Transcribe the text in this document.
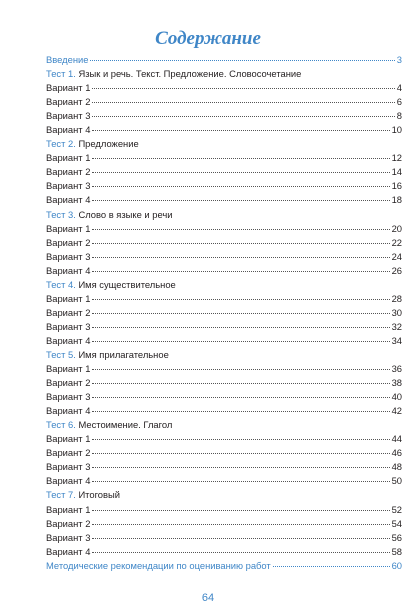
Содержание
Введение	3
Тест 1.
Язык и речь. Текст. Предложение. Словосочетание
Вариант 1	4
Вариант 2	6
Вариант 3	8
Вариант 4	10
Тест 2.
Предложение
Вариант 1	12
Вариант 2	14
Вариант 3	16
Вариант 4	18
Тест 3.
Слово в языке и речи
Вариант 1	20
Вариант 2	22
Вариант 3	24
Вариант 4	26
Тест 4.
Имя существительное
Вариант 1	28
Вариант 2	30
Вариант 3	32
Вариант 4	34
Тест 5.
Имя прилагательное
Вариант 1	36
Вариант 2	38
Вариант 3	40
Вариант 4	42
Тест 6.
Местоимение. Глагол
Вариант 1	44
Вариант 2	46
Вариант 3	48
Вариант 4	50
Тест 7.
Итоговый
Вариант 1	52
Вариант 2	54
Вариант 3	56
Вариант 4	58
Методические рекомендации по оцениванию работ	60
64
